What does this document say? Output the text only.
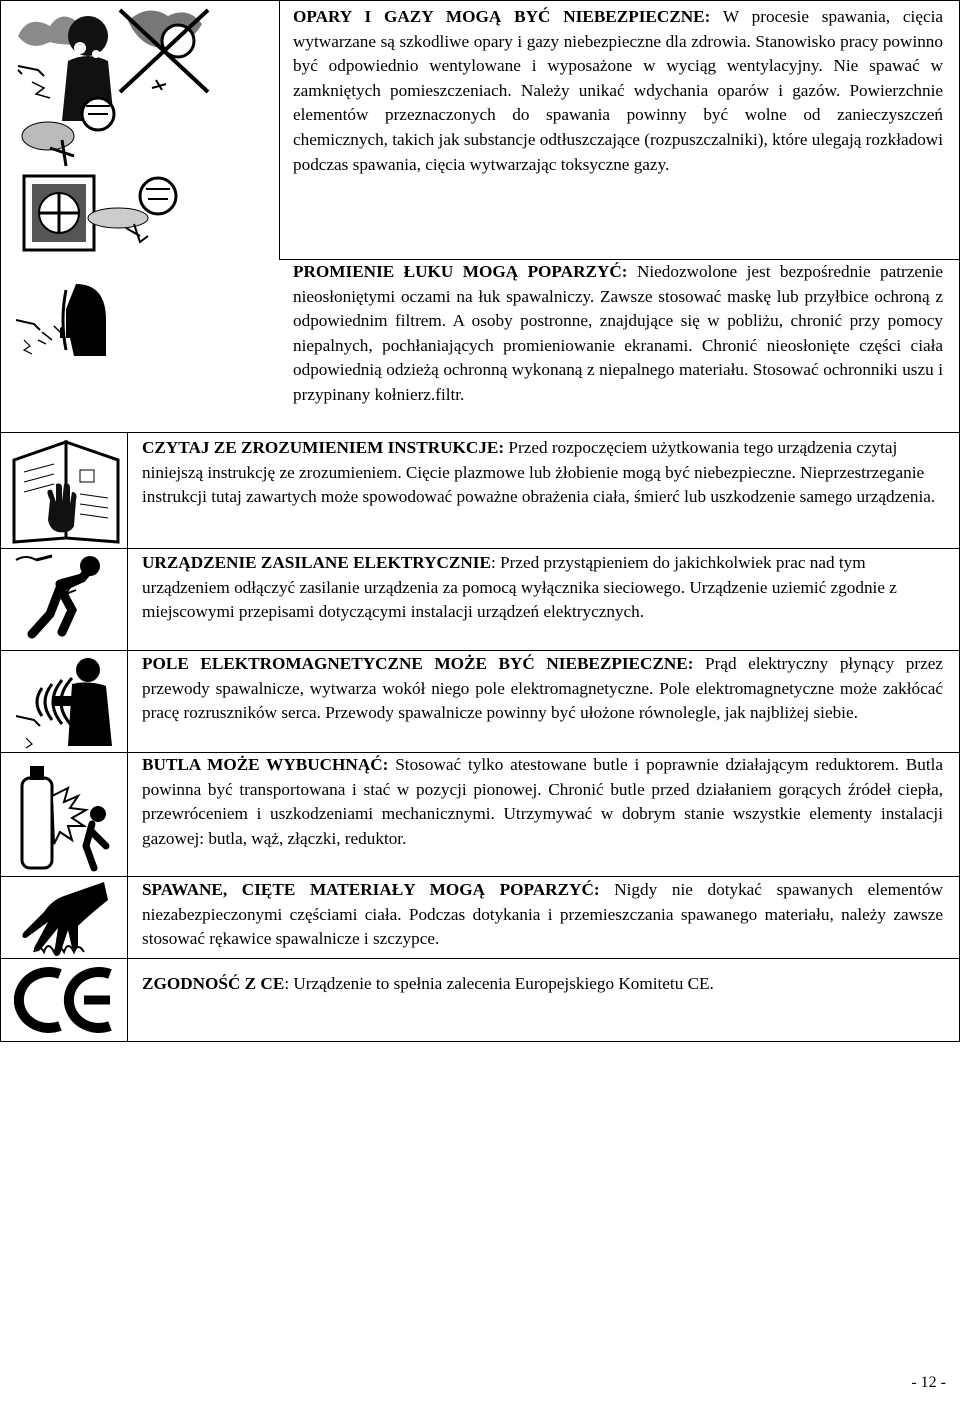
OPARY I GAZY MOGĄ BYĆ NIEBEZPIECZNE: W procesie spawania, cięcia wytwarzane są szkodliwe opary i gazy niebezpieczne dla zdrowia. Stanowisko pracy powinno być odpowiednio wentylowane i wyposażone w wyciąg wentylacyjny. Nie spawać w zamkniętych pomieszczeniach. Należy unikać wdychania oparów i gazów. Powierzchnie elementów przeznaczonych do spawania powinny być wolne od zanieczyszczeń chemicznych, takich jak substancje odtłuszczające (rozpuszczalniki), które ulegają rozkładowi podczas spawania, cięcia wytwarzając toksyczne gazy.

PROMIENIE ŁUKU MOGĄ POPARZYĆ: Niedozwolone jest bezpośrednie patrzenie nieosłoniętymi oczami na łuk spawalniczy. Zawsze stosować maskę lub przyłbice ochroną z odpowiednim filtrem. A osoby postronne, znajdujące się w pobliżu, chronić przy pomocy niepalnych, pochłaniających promieniowanie ekranami. Chronić nieosłonięte części ciała odpowiednią odzieżą ochronną wykonaną z niepalnego materiału. Stosować ochronniki uszu i przypinany kołnierz.filtr.

CZYTAJ ZE ZROZUMIENIEM INSTRUKCJE: Przed rozpoczęciem użytkowania tego urządzenia czytaj niniejszą instrukcję ze zrozumieniem. Cięcie plazmowe lub żłobienie mogą być niebezpieczne. Nieprzestrzeganie instrukcji tutaj zawartych może spowodować poważne obrażenia ciała, śmierć lub uszkodzenie samego urządzenia.

URZĄDZENIE ZASILANE ELEKTRYCZNIE: Przed przystąpieniem do jakichkolwiek prac nad tym urządzeniem odłączyć zasilanie urządzenia za pomocą wyłącznika sieciowego. Urządzenie uziemić zgodnie z miejscowymi przepisami dotyczącymi instalacji urządzeń elektrycznych.

POLE ELEKTROMAGNETYCZNE MOŻE BYĆ NIEBEZPIECZNE: Prąd elektryczny płynący przez przewody spawalnicze, wytwarza wokół niego pole elektromagnetyczne. Pole elektromagnetyczne może zakłócać pracę rozruszników serca. Przewody spawalnicze powinny być ułożone równolegle, jak najbliżej siebie.

BUTLA MOŻE WYBUCHNĄĆ: Stosować tylko atestowane butle i poprawnie działającym reduktorem. Butla powinna być transportowana i stać w pozycji pionowej. Chronić butle przed działaniem gorących źródeł ciepła, przewróceniem i uszkodzeniami mechanicznymi. Utrzymywać w dobrym stanie wszystkie elementy instalacji gazowej: butla, wąż, złączki, reduktor.

SPAWANE, CIĘTE MATERIAŁY MOGĄ POPARZYĆ: Nigdy nie dotykać spawanych elementów niezabezpieczonymi częściami ciała. Podczas dotykania i przemieszczania spawanego materiału, należy zawsze stosować rękawice spawalnicze i szczypce.

ZGODNOŚĆ Z CE: Urządzenie to spełnia zalecenia Europejskiego Komitetu CE.

- 12 -
